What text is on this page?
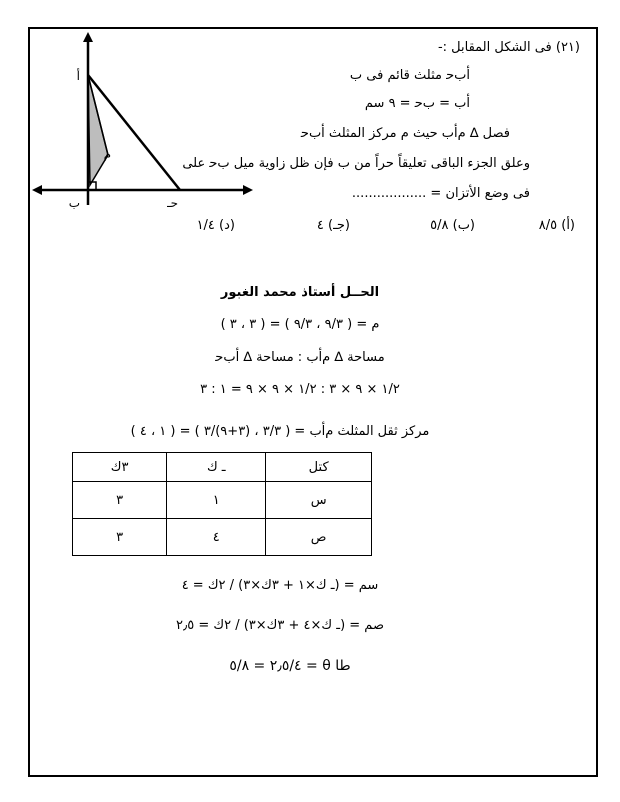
أ
م
ب	حـ
(٢١) فى الشكل المقابل :-
ﺃﺏﺣ مثلث قائم فى ﺏ
ﺃﺏ = ﺏﺣ = ٩ سم
فصل ∆ مﺃﺏ حيث م مركز المثلث ﺃﺏﺣ
وعلق الجزء الباقى تعليقاً حراً من ﺏ فإن ظل زاوية ميل ﺏﺣ على
فى وضع الأتزان = ..................
(أ) ٨/٥
(ب) ٥/٨
(جـ) ٤
(د) ١/٤
الحــل أستاذ محمد الغبور
م = ( ٩/٣ ، ٩/٣ ) = ( ٣ ، ٣ )
مساحة ∆ مﺃﺏ : مساحة ∆ ﺃﺏﺣ
١/٢ × ٩ × ٣ : ١/٢ × ٩ × ٩ = ١ : ٣
مركز ثقل المثلث مﺃﺏ = ( ٣/٣ ، (٣+٩)/٣ ) = ( ١ ، ٤ )
٣ك	ـ ك	كتل
٣	١	س
٣	٤	ص
سم = (ـ ك×١ + ٣ك×٣) / ٢ك = ٤
صم = (ـ ك×٤ + ٣ك×٣) / ٢ك = ٢٫٥
طا θ = ٢٫٥/٤ = ٥/٨
